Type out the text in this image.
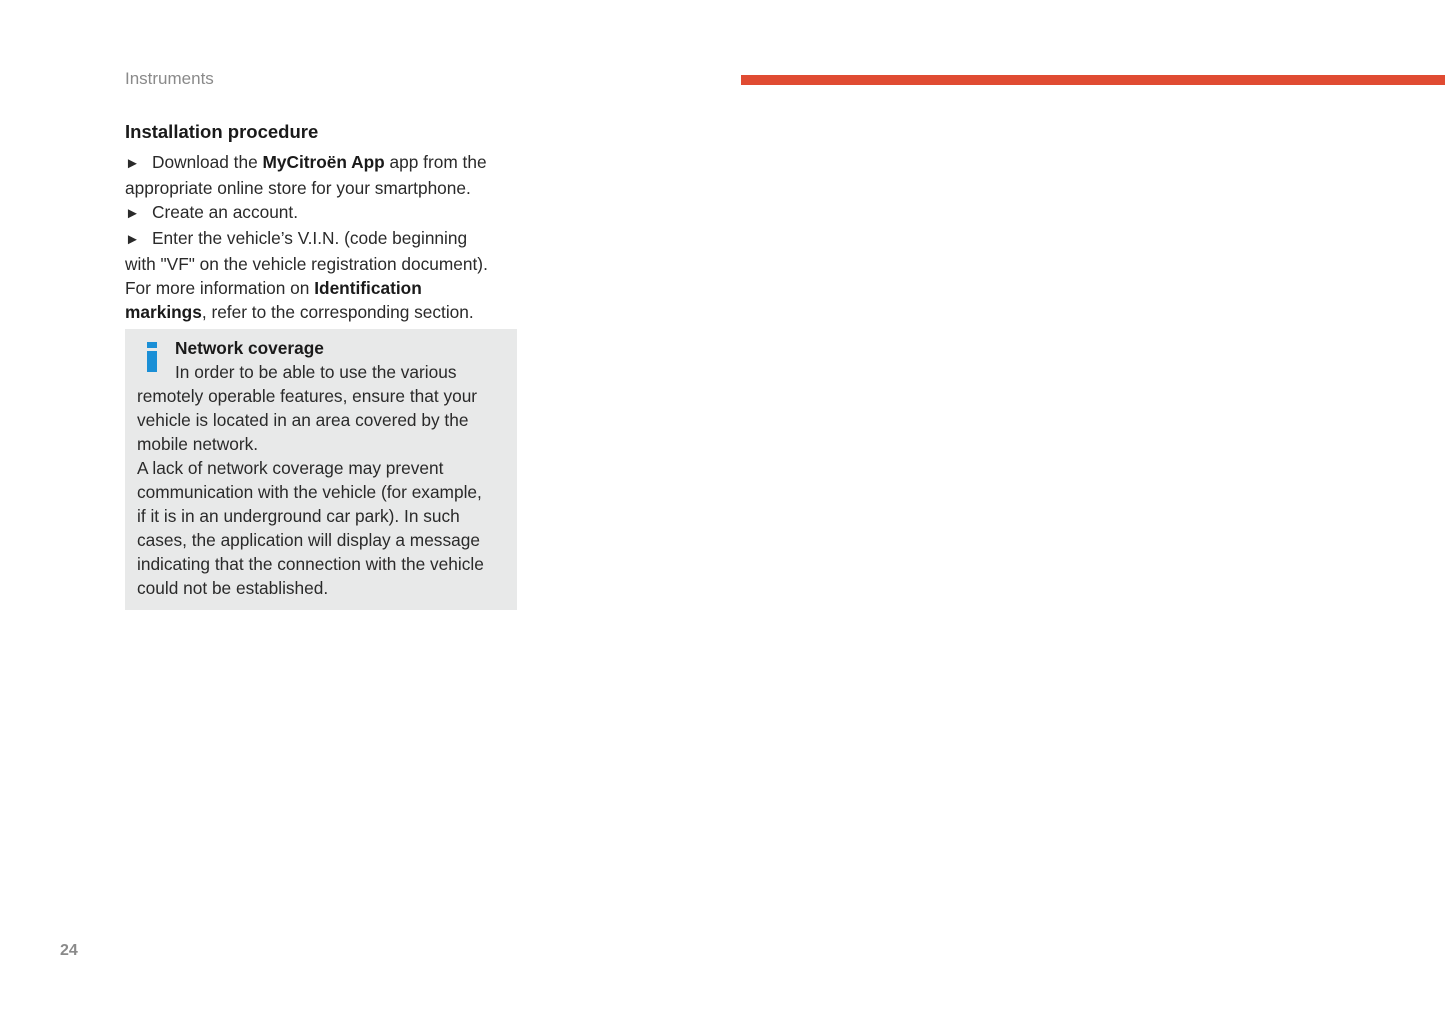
Instruments
Installation procedure
► Download the MyCitroën App app from the
appropriate online store for your smartphone.
► Create an account.
► Enter the vehicle’s V.I.N. (code beginning
with "VF" on the vehicle registration document).
For more information on Identification
markings, refer to the corresponding section.
Network coverage
In order to be able to use the various
remotely operable features, ensure that your
vehicle is located in an area covered by the
mobile network.
A lack of network coverage may prevent
communication with the vehicle (for example,
if it is in an underground car park). In such
cases, the application will display a message
indicating that the connection with the vehicle
could not be established.
24
